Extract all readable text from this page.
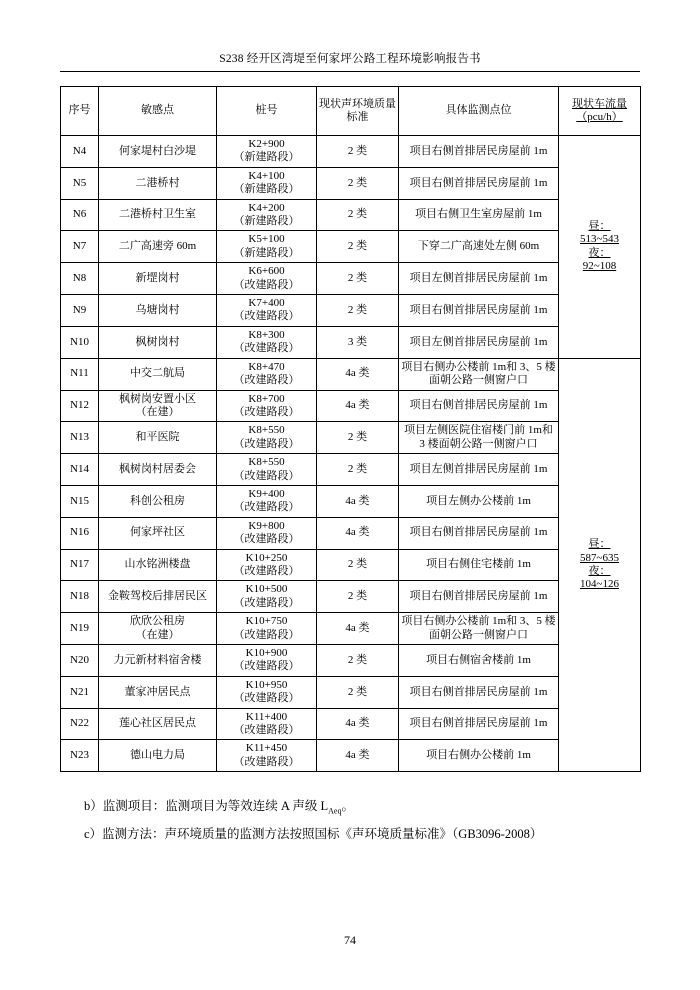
S238 经开区湾堤至何家坪公路工程环境影响报告书
序号	敏感点	桩号	现状声环境质量标准	具体监测点位	现状车流量（pcu/h）
N4	何家堤村白沙堤	K2+900
（新建路段）	2 类	项目右侧首排居民房屋前 1m	昼：
513~543
夜：
92~108
N5	二港桥村	K4+100
（新建路段）	2 类	项目右侧首排居民房屋前 1m	
N6	二港桥村卫生室	K4+200
（新建路段）	2 类	项目右侧卫生室房屋前 1m	
N7	二广高速旁 60m	K5+100
（新建路段）	2 类	下穿二广高速处左侧 60m	
N8	新堽岗村	K6+600
（改建路段）	2 类	项目左侧首排居民房屋前 1m	
N9	乌塘岗村	K7+400
（改建路段）	2 类	项目右侧首排居民房屋前 1m	
N10	枫树岗村	K8+300
（改建路段）	3 类	项目左侧首排居民房屋前 1m	
N11	中交二航局	K8+470
（改建路段）	4a 类	项目右侧办公楼前 1m和 3、5 楼面朝公路一侧窗户口	昼：
587~635
夜：
104~126
N12	枫树岗安置小区
（在建）	K8+700
（改建路段）	4a 类	项目右侧首排居民房屋前 1m	
N13	和平医院	K8+550
（改建路段）	2 类	项目左侧医院住宿楼门前 1m和 3 楼面朝公路一侧窗户口	
N14	枫树岗村居委会	K8+550
（改建路段）	2 类	项目左侧首排居民房屋前 1m	
N15	科创公租房	K9+400
（改建路段）	4a 类	项目左侧办公楼前 1m	
N16	何家坪社区	K9+800
（改建路段）	4a 类	项目右侧首排居民房屋前 1m	
N17	山水铭洲楼盘	K10+250
（改建路段）	2 类	项目右侧住宅楼前 1m	
N18	金鞍驾校后排居民区	K10+500
（改建路段）	2 类	项目右侧首排居民房屋前 1m	
N19	欣欣公租房
（在建）	K10+750
（改建路段）	4a 类	项目右侧办公楼前 1m和 3、5 楼面朝公路一侧窗户口	
N20	力元新材料宿舍楼	K10+900
（改建路段）	2 类	项目右侧宿舍楼前 1m	
N21	董家冲居民点	K10+950
（改建路段）	2 类	项目右侧首排居民房屋前 1m	
N22	莲心社区居民点	K11+400
（改建路段）	4a 类	项目右侧首排居民房屋前 1m	
N23	德山电力局	K11+450
（改建路段）	4a 类	项目右侧办公楼前 1m	

b）监测项目：监测项目为等效连续 A 声级 $L_{Aeq}$。

c）监测方法：声环境质量的监测方法按照国标《声环境质量标准》（GB3096-2008）

74
